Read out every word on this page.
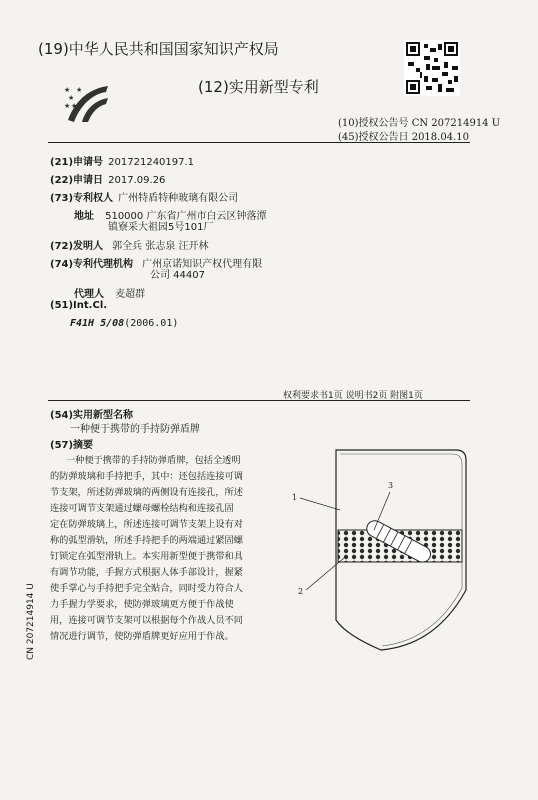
(19)中华人民共和国国家知识产权局
★
★
★ ★
★	(12)实用新型专利
(10)授权公告号 CN 207214914 U
(45)授权公告日 2018.04.10
(21)申请号 201721240197.1
(22)申请日 2017.09.26
(73)专利权人 广州特盾特种玻璃有限公司
地址 510000 广东省广州市白云区钟落潭
镇寮采大祖园5号101厂
(72)发明人 郭全兵 张志泉 汪开林
(74)专利代理机构 广州京诺知识产权代理有限
公司 44407
代理人 麦超群
(51)Int.Cl.
F41H 5/08(2006.01)
权利要求书1页 说明书2页 附图1页
(54)实用新型名称
一种便于携带的手持防弹盾牌
(57)摘要
一种便于携带的手持防弹盾牌，包括全透明
的防弹玻璃和手持把手，其中：还包括连接可调
节支架，所述防弹玻璃的两侧设有连接孔，所述
连接可调节支架通过螺母螺栓结构和连接孔固
定在防弹玻璃上，所述连接可调节支架上设有对
称的弧型滑轨，所述手持把手的两端通过紧固螺
钉锁定在弧型滑轨上。本实用新型便于携带和具
有调节功能，手握方式根据人体手部设计，握紧
使手掌心与手持把手完全贴合，同时受力符合人
力手握力学要求，使防弹玻璃更方便于作战使
用，连接可调节支架可以根据每个作战人员不同
情况进行调节，使防弹盾牌更好应用于作战。
1
3
2
CN 207214914 U
